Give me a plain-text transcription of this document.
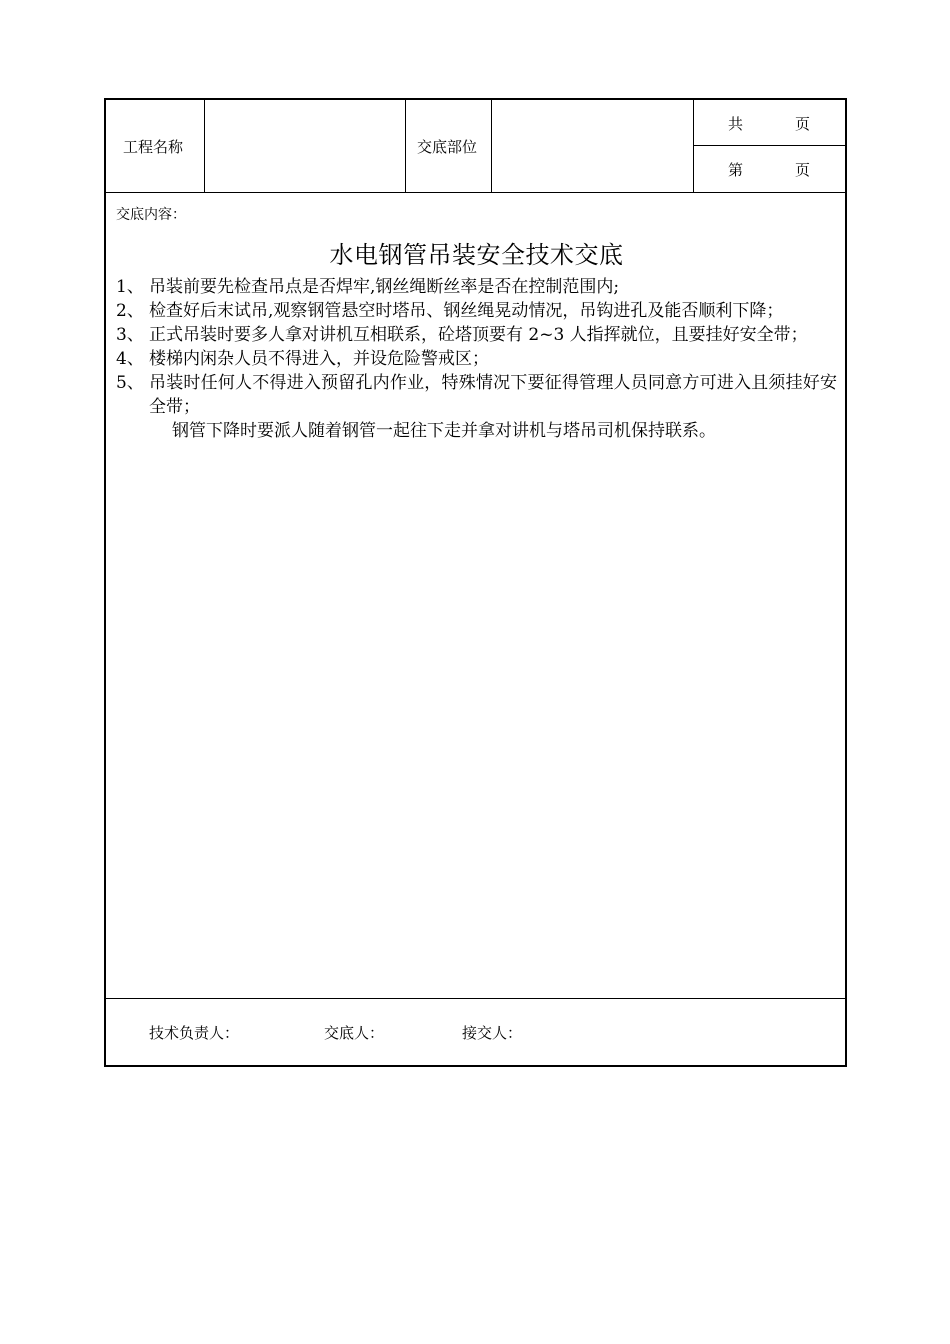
工程名称	交底部位
共	页
第	页
交底内容：
水电钢管吊装安全技术交底
1、 吊装前要先检查吊点是否焊牢,钢丝绳断丝率是否在控制范围内;
2、 检查好后末试吊,观察钢管悬空时塔吊、钢丝绳晃动情况，吊钩进孔及能否顺利下降；
3、 正式吊装时要多人拿对讲机互相联系，砼塔顶要有 2~3 人指挥就位，且要挂好安全带；
4、 楼梯内闲杂人员不得进入，并设危险警戒区；
5、 吊装时任何人不得进入预留孔内作业，特殊情况下要征得管理人员同意方可进入且须挂好安全带；
钢管下降时要派人随着钢管一起往下走并拿对讲机与塔吊司机保持联系。
技术负责人：	交底人：	接交人：
